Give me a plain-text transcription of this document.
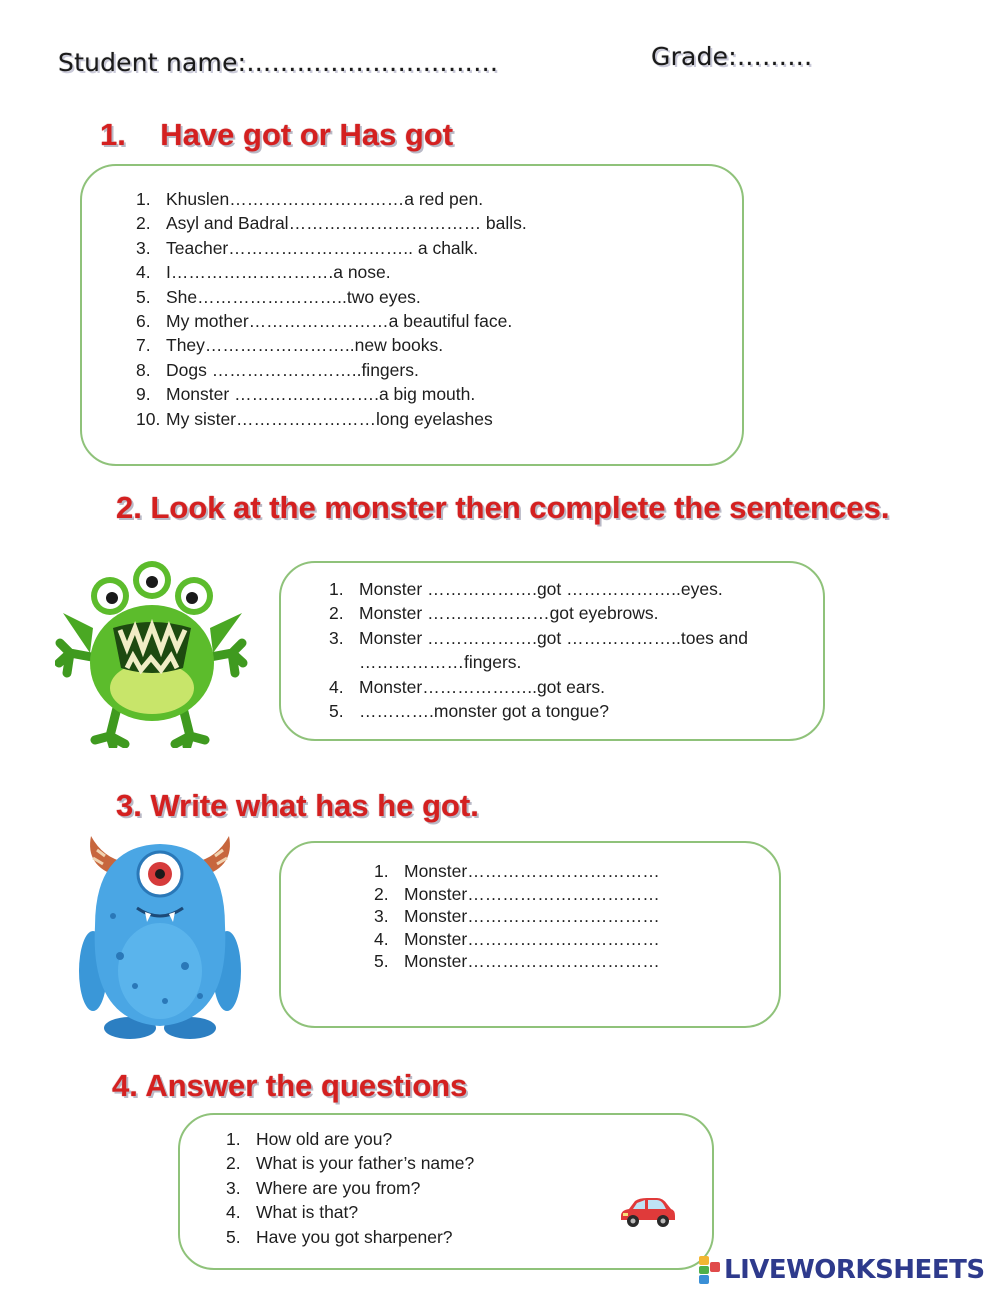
Student name:…………………………	Grade:………
1.    Have got or Has got
1. Khuslen…………………………a red pen.
2. Asyl and Badral…………………………… balls.
3. Teacher………………………….. a chalk.
4. I……………………….a nose.
5. She……………………..two eyes.
6. My mother……………………a beautiful face.
7. They……………………..new books.
8. Dogs ……………………..fingers.
9. Monster …………………….a big mouth.
10. My sister……………………long eyelashes
2. Look at the monster then complete the sentences.
1. Monster ……………….got ………………..eyes.
2. Monster …………………got eyebrows.
3. Monster ……………….got ………………..toes and
………………fingers.
4. Monster………………..got ears.
5. ………….monster got a tongue?
3. Write what has he got.
1. Monster……………………………
2. Monster……………………………
3. Monster……………………………
4. Monster……………………………
5. Monster……………………………
4. Answer the questions
1. How old are you?
2. What is your father’s name?
3. Where are you from?
4. What is that?
5. Have you got sharpener?
LIVEWORKSHEETS
